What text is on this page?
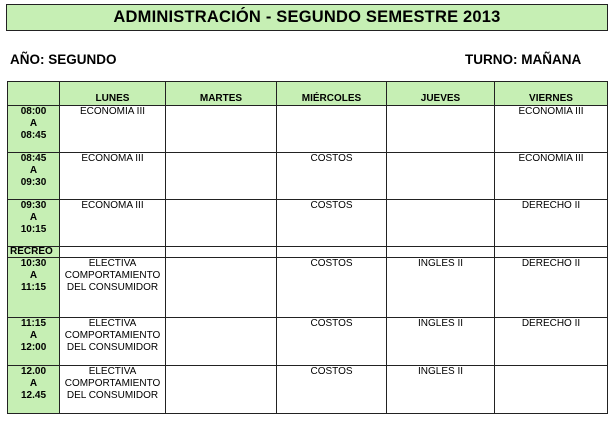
ADMINISTRACIÓN - SEGUNDO SEMESTRE 2013
AÑO: SEGUNDO	TURNO: MAÑANA
	LUNES	MARTES	MIÉRCOLES	JUEVES	VIERNES

08:00
A
08:45	ECONOMIA III				ECONOMIA III

08:45
A
09:30	ECONOMA III		COSTOS		ECONOMIA III

09:30
A
10:15	ECONOMA III		COSTOS		DERECHO II

RECREO					

10:30
A
11:15	ELECTIVA
COMPORTAMIENTO
DEL CONSUMIDOR		COSTOS	INGLES II	DERECHO II

11:15
A
12:00	ELECTIVA
COMPORTAMIENTO
DEL CONSUMIDOR		COSTOS	INGLES II	DERECHO II

12.00
A
12.45	ELECTIVA
COMPORTAMIENTO
DEL CONSUMIDOR		COSTOS	INGLES II	
